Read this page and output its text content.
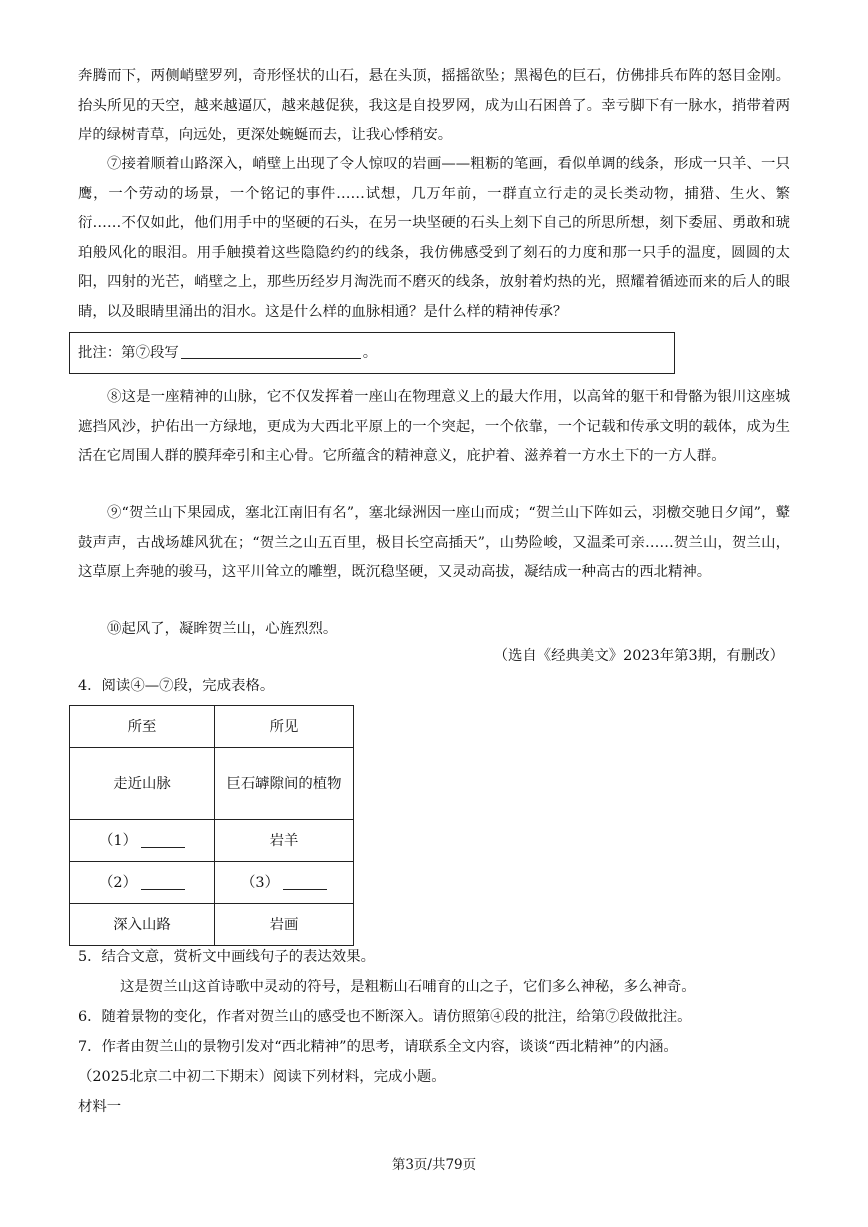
奔腾而下，两侧峭壁罗列，奇形怪状的山石，悬在头顶，摇摇欲坠；黑褐色的巨石，仿佛排兵布阵的怒目金刚。抬头所见的天空，越来越逼仄，越来越促狭，我这是自投罗网，成为山石困兽了。幸亏脚下有一脉水，捎带着两岸的绿树青草，向远处，更深处蜿蜒而去，让我心悸稍安。

⑦接着顺着山路深入，峭壁上出现了令人惊叹的岩画——粗粝的笔画，看似单调的线条，形成一只羊、一只鹰，一个劳动的场景，一个铭记的事件……试想，几万年前，一群直立行走的灵长类动物，捕猎、生火、繁衍……不仅如此，他们用手中的坚硬的石头，在另一块坚硬的石头上刻下自己的所思所想，刻下委屈、勇敢和琥珀般风化的眼泪。用手触摸着这些隐隐约约的线条，我仿佛感受到了刻石的力度和那一只手的温度，圆圆的太阳，四射的光芒，峭壁之上，那些历经岁月淘洗而不磨灭的线条，放射着灼热的光，照耀着循迹而来的后人的眼睛，以及眼睛里涌出的泪水。这是什么样的血脉相通？是什么样的精神传承？

批注：第⑦段写	。

⑧这是一座精神的山脉，它不仅发挥着一座山在物理意义上的最大作用，以高耸的躯干和骨骼为银川这座城遮挡风沙，护佑出一方绿地，更成为大西北平原上的一个突起，一个依靠，一个记载和传承文明的载体，成为生活在它周围人群的膜拜牵引和主心骨。它所蕴含的精神意义，庇护着、滋养着一方水土下的一方人群。

⑨“贺兰山下果园成，塞北江南旧有名”，塞北绿洲因一座山而成；“贺兰山下阵如云，羽檄交驰日夕闻”，鼙鼓声声，古战场雄风犹在；“贺兰之山五百里，极目长空高插天”，山势险峻，又温柔可亲……贺兰山，贺兰山，这草原上奔驰的骏马，这平川耸立的雕塑，既沉稳坚硬，又灵动高拔，凝结成一种高古的西北精神。

⑩起风了，凝眸贺兰山，心旌烈烈。

（选自《经典美文》2023年第3期，有删改）

4．阅读④—⑦段，完成表格。

所至	所见
走近山脉	巨石罅隙间的植物
（1）	岩羊
（2）	（3）
深入山路	岩画

5．结合文意，赏析文中画线句子的表达效果。

这是贺兰山这首诗歌中灵动的符号，是粗粝山石哺育的山之子，它们多么神秘，多么神奇。

6．随着景物的变化，作者对贺兰山的感受也不断深入。请仿照第④段的批注，给第⑦段做批注。

7．作者由贺兰山的景物引发对“西北精神”的思考，请联系全文内容，谈谈“西北精神”的内涵。

（2025北京二中初二下期末）阅读下列材料，完成小题。

材料一

第3页/共79页
